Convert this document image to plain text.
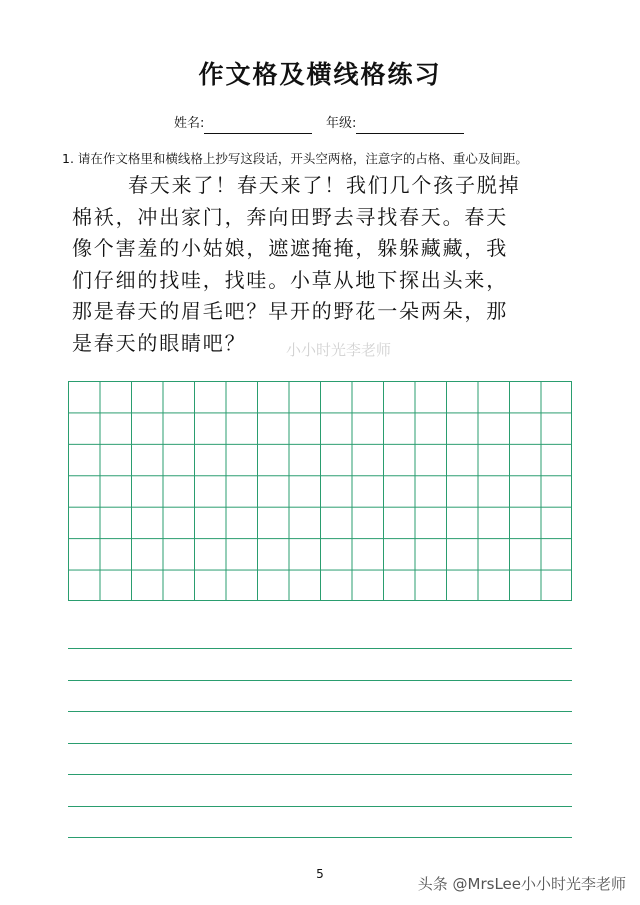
作文格及横线格练习
姓名:	年级:
1. 请在作文格里和横线格上抄写这段话，开头空两格，注意字的占格、重心及间距。
春天来了！春天来了！我们几个孩子脱掉
棉袄，冲出家门，奔向田野去寻找春天。春天
像个害羞的小姑娘，遮遮掩掩，躲躲藏藏，我
们仔细的找哇，找哇。小草从地下探出头来，
那是春天的眉毛吧？早开的野花一朵两朵，那
是春天的眼睛吧？	小小时光李老师
5
头条 @MrsLee小小时光李老师
